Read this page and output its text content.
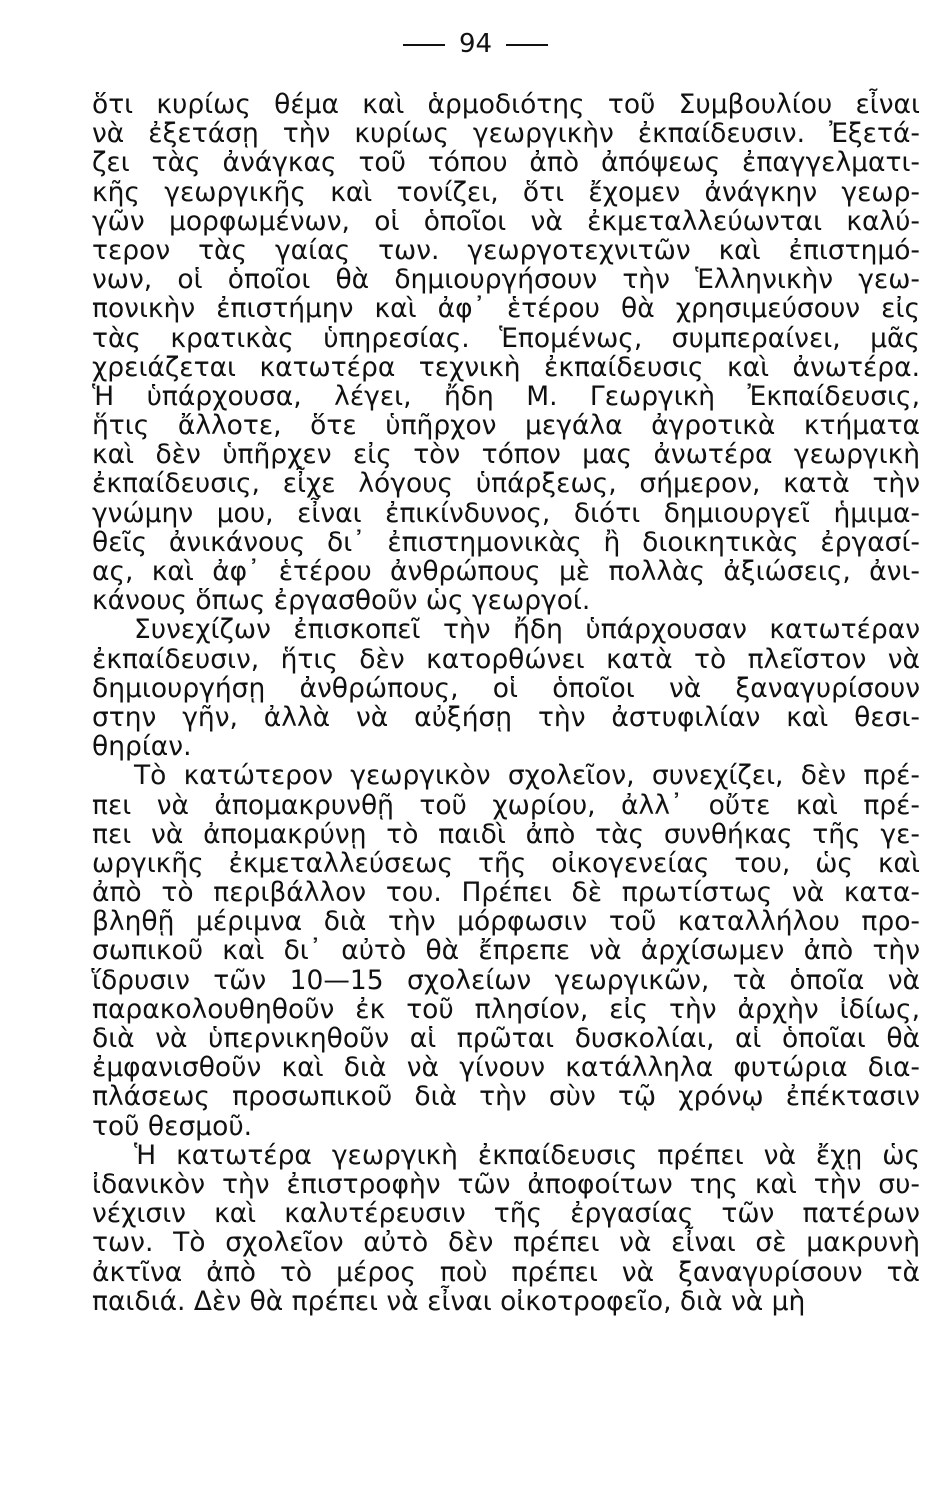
94
ὅτι κυρίως θέμα καὶ ἁρμοδιότης τοῦ Συμβουλίου εἶναι
νὰ ἐξετάσῃ τὴν κυρίως γεωργικὴν ἐκπαίδευσιν. Ἐξετά-
ζει τὰς ἀνάγκας τοῦ τόπου ἀπὸ ἀπόψεως ἐπαγγελματι-
κῆς γεωργικῆς καὶ τονίζει, ὅτι ἔχομεν ἀνάγκην γεωρ-
γῶν μορφωμένων, οἱ ὁποῖοι νὰ ἐκμεταλλεύωνται καλύ-
τερον τὰς γαίας των. γεωργοτεχνιτῶν καὶ ἐπιστημό-
νων, οἱ ὁποῖοι θὰ δημιουργήσουν τὴν Ἑλληνικὴν γεω-
πονικὴν ἐπιστήμην καὶ ἀφ᾽ ἑτέρου θὰ χρησιμεύσουν εἰς
τὰς κρατικὰς ὑπηρεσίας. Ἑπομένως, συμπεραίνει, μᾶς
χρειάζεται κατωτέρα τεχνικὴ ἐκπαίδευσις καὶ ἀνωτέρα.
Ἡ ὑπάρχουσα, λέγει, ἤδη Μ. Γεωργικὴ Ἐκπαίδευσις,
ἥτις ἄλλοτε, ὅτε ὑπῆρχον μεγάλα ἀγροτικὰ κτήματα
καὶ δὲν ὑπῆρχεν εἰς τὸν τόπον μας ἀνωτέρα γεωργικὴ
ἐκπαίδευσις, εἶχε λόγους ὑπάρξεως, σήμερον, κατὰ τὴν
γνώμην μου, εἶναι ἐπικίνδυνος, διότι δημιουργεῖ ἡμιμα-
θεῖς ἀνικάνους δι᾽ ἐπιστημονικὰς ἢ διοικητικὰς ἐργασί-
ας, καὶ ἀφ᾽ ἑτέρου ἀνθρώπους μὲ πολλὰς ἀξιώσεις, ἀνι-
κάνους ὅπως ἐργασθοῦν ὡς γεωργοί.
Συνεχίζων ἐπισκοπεῖ τὴν ἤδη ὑπάρχουσαν κατωτέραν
ἐκπαίδευσιν, ἥτις δὲν κατορθώνει κατὰ τὸ πλεῖστον νὰ
δημιουργήσῃ ἀνθρώπους, οἱ ὁποῖοι νὰ ξαναγυρίσουν
στην γῆν, ἀλλὰ νὰ αὐξήσῃ τὴν ἀστυφιλίαν καὶ θεσι-
θηρίαν.
Τὸ κατώτερον γεωργικὸν σχολεῖον, συνεχίζει, δὲν πρέ-
πει νὰ ἀπομακρυνθῇ τοῦ χωρίου, ἀλλ᾽ οὔτε καὶ πρέ-
πει νὰ ἀπομακρύνῃ τὸ παιδὶ ἀπὸ τὰς συνθήκας τῆς γε-
ωργικῆς ἐκμεταλλεύσεως τῆς οἰκογενείας του, ὡς καὶ
ἀπὸ τὸ περιβάλλον του. Πρέπει δὲ πρωτίστως νὰ κατα-
βληθῇ μέριμνα διὰ τὴν μόρφωσιν τοῦ καταλλήλου προ-
σωπικοῦ καὶ δι᾽ αὐτὸ θὰ ἔπρεπε νὰ ἀρχίσωμεν ἀπὸ τὴν
ἵδρυσιν τῶν 10—15 σχολείων γεωργικῶν, τὰ ὁποῖα νὰ
παρακολουθηθοῦν ἐκ τοῦ πλησίον, εἰς τὴν ἀρχὴν ἰδίως,
διὰ νὰ ὑπερνικηθοῦν αἱ πρῶται δυσκολίαι, αἱ ὁποῖαι θὰ
ἐμφανισθοῦν καὶ διὰ νὰ γίνουν κατάλληλα φυτώρια δια-
πλάσεως προσωπικοῦ διὰ τὴν σὺν τῷ χρόνῳ ἐπέκτασιν
τοῦ θεσμοῦ.
Ἡ κατωτέρα γεωργικὴ ἐκπαίδευσις πρέπει νὰ ἔχῃ ὡς
ἰδανικὸν τὴν ἐπιστροφὴν τῶν ἀποφοίτων της καὶ τὴν συ-
νέχισιν καὶ καλυτέρευσιν τῆς ἐργασίας τῶν πατέρων
των. Τὸ σχολεῖον αὐτὸ δὲν πρέπει νὰ εἶναι σὲ μακρυνὴ
ἀκτῖνα ἀπὸ τὸ μέρος ποὺ πρέπει νὰ ξαναγυρίσουν τὰ
παιδιά. Δὲν θὰ πρέπει νὰ εἶναι οἰκοτροφεῖο, διὰ νὰ μὴ
